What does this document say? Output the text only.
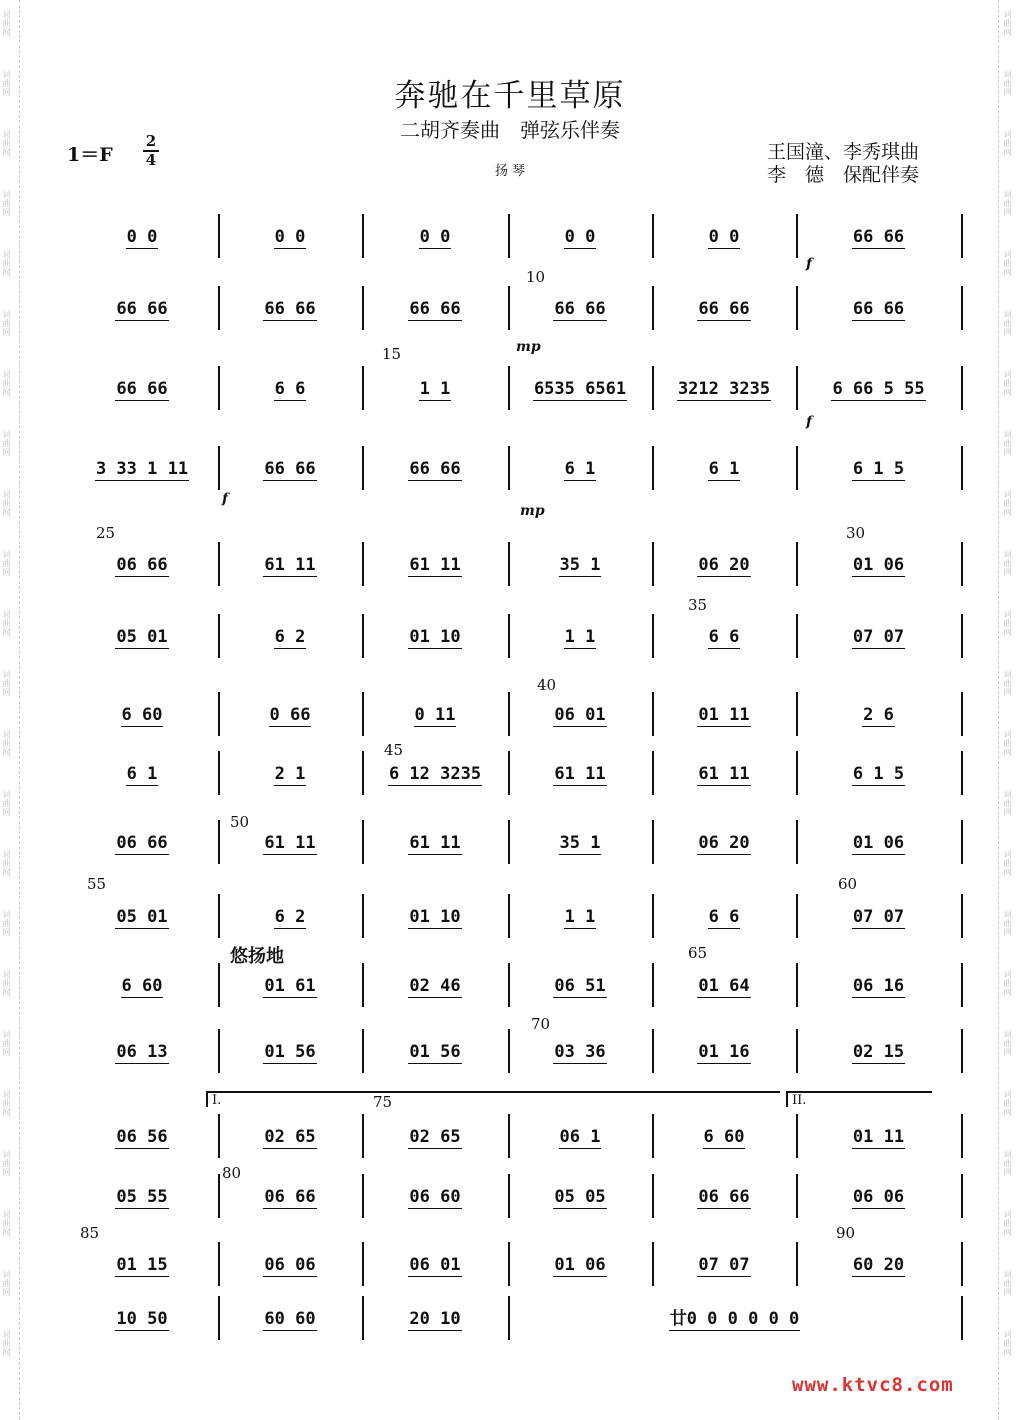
词曲网
词曲网
词曲网
词曲网
词曲网
词曲网
词曲网
词曲网
词曲网
词曲网
词曲网
词曲网
词曲网
词曲网
词曲网
词曲网
词曲网
词曲网
词曲网
词曲网
词曲网
词曲网
词曲网
词曲网
词曲网
词曲网
词曲网
词曲网
词曲网
词曲网
词曲网
词曲网
词曲网
词曲网
词曲网
词曲网
词曲网
词曲网
词曲网
词曲网
词曲网
词曲网
词曲网
词曲网
词曲网
词曲网
奔驰在千里草原
二胡齐奏曲　弹弦乐伴奏
1＝F
2
4
扬 琴
王国潼、李秀琪曲
李　德　保配伴奏
0 0	0 0	0 0	0 0	0 0	66 66
66 66	66 66	66 66	66 66	66 66	66 66
66 66	6 6	1 1	6535 6561	3212 3235	6 66 5 55
3 33 1 11	66 66	66 66	6 1	6 1	6 1 5
06 66	61 11	61 11	35 1	06 20	01 06
05 01	6 2	01 10	1 1	6 6	07 07
6 60	0 66	0 11	06 01	01 11	2 6
6 1	2 1	6 12 3235	61 11	61 11	6 1 5
06 66	61 11	61 11	35 1	06 20	01 06
05 01	6 2	01 10	1 1	6 6	07 07
6 60	01 61	02 46	06 51	01 64	06 16
06 13	01 56	01 56	03 36	01 16	02 15
06 56	02 65	02 65	06 1	6 60	01 11
05 55	06 66	06 60	05 05	06 66	06 06
01 15	06 06	06 01	01 06	07 07	60 20
10 50	60 60	20 10	廿0 0 0 0 0 0
10
15
25	30
35
40
45
50
55	60
65
70
75
80
85	90
f
mp
f
f
mp
悠扬地
I.	II.
www.ktvc8.com
